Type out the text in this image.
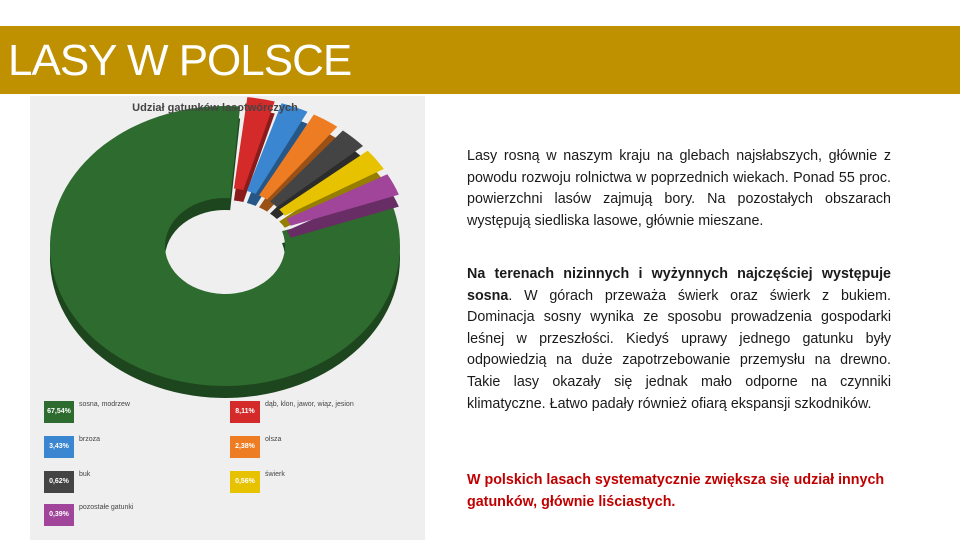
LASY W POLSCE
Udział gatunków lasotwórczych
67,54%
sosna, modrzew
3,43%
brzoza
0,62%
buk
0,39%
pozostałe gatunki
8,11%
dąb, klon, jawor, wiąz, jesion
2,38%
olsza
0,56%
świerk

Lasy rosną w naszym kraju na glebach najsłabszych, głównie z powodu rozwoju rolnictwa w poprzednich wiekach. Ponad 55 proc. powierzchni lasów zajmują bory. Na pozostałych obszarach występują siedliska lasowe, głównie mieszane.

Na terenach nizinnych i wyżynnych najczęściej występuje sosna. W górach przeważa świerk oraz świerk z bukiem. Dominacja sosny wynika ze sposobu prowadzenia gospodarki leśnej w przeszłości. Kiedyś uprawy jednego gatunku były odpowiedzią na duże zapotrzebowanie przemysłu na drewno. Takie lasy okazały się jednak mało odporne na czynniki klimatyczne. Łatwo padały również ofiarą ekspansji szkodników.

W polskich lasach systematycznie zwiększa się udział innych gatunków, głównie liściastych.
